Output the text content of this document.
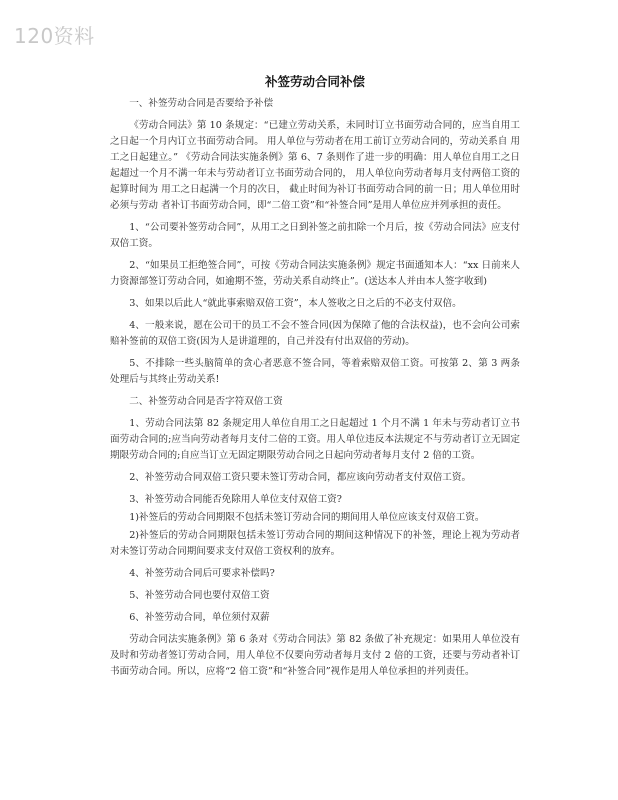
120资料
补签劳动合同补偿

一、补签劳动合同是否要给予补偿

《劳动合同法》第 10 条规定：“已建立劳动关系，未同时订立书面劳动合同的，应当自用工之日起一个月内订立书面劳动合同。 用人单位与劳动者在用工前订立劳动合同的，劳动关系自 用工之日起建立。” 《劳动合同法实施条例》第 6、7 条则作了进一步的明确：用人单位自用工之日起超过一个月不满一年未与劳动者订立书面劳动合同的， 用人单位向劳动者每月支付两倍工资的起算时间为 用工之日起满一个月的次日， 截止时间为补订书面劳动合同的前一日；用人单位用时必须与劳动 者补订书面劳动合同，即“二倍工资”和“补签合同”是用人单位应并列承担的责任。

1、“公司要补签劳动合同”，从用工之日到补签之前扣除一个月后，按《劳动合同法》应支付双倍工资。

2、“如果员工拒绝签合同”，可按《劳动合同法实施条例》规定书面通知本人：“xx 日前来人力资源部签订劳动合同，如逾期不签，劳动关系自动终止”。(送达本人并由本人签字收到)

3、如果以后此人“就此事索赔双倍工资”，本人签收之日之后的不必支付双倍。

4、一般来说，愿在公司干的员工不会不签合同(因为保障了他的合法权益)，也不会向公司索赔补签前的双倍工资(因为人是讲道理的，自己并没有付出双倍的劳动)。

5、不排除一些头脑简单的贪心者恶意不签合同，等着索赔双倍工资。可按第 2、第 3 两条处理后与其终止劳动关系!

二、补签劳动合同是否字符双倍工资

1、劳动合同法第 82 条规定用人单位自用工之日起超过 1 个月不满 1 年未与劳动者订立书面劳动合同的;应当向劳动者每月支付二倍的工资。用人单位违反本法规定不与劳动者订立无固定期限劳动合同的;自应当订立无固定期限劳动合同之日起向劳动者每月支付 2 倍的工资。

2、补签劳动合同双倍工资只要未签订劳动合同，都应该向劳动者支付双倍工资。

3、补签劳动合同能否免除用人单位支付双倍工资?

1)补签后的劳动合同期限不包括未签订劳动合同的期间用人单位应该支付双倍工资。

2)补签后的劳动合同期限包括未签订劳动合同的期间这种情况下的补签，理论上视为劳动者对未签订劳动合同期间要求支付双倍工资权利的放弃。

4、补签劳动合同后可要求补偿吗?

5、补签劳动合同也要付双倍工资

6、补签劳动合同，单位须付双薪

劳动合同法实施条例》第 6 条对《劳动合同法》第 82 条做了补充规定：如果用人单位没有及时和劳动者签订劳动合同，用人单位不仅要向劳动者每月支付 2 倍的工资，还要与劳动者补订书面劳动合同。所以，应将“2 倍工资”和“补签合同”视作是用人单位承担的并列责任。
